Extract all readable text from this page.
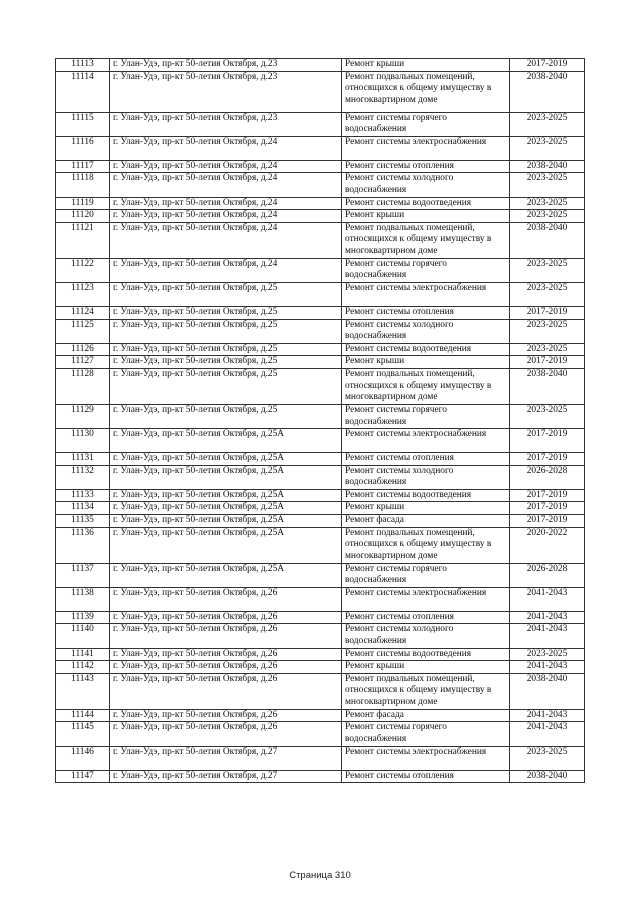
11113	г. Улан-Удэ, пр-кт 50-летия Октября, д.23	Ремонт крыши	2017-2019
11114	г. Улан-Удэ, пр-кт 50-летия Октября, д.23	Ремонт подвальных помещений, относящихся к общему имуществу в многоквартирном доме	2038-2040
11115	г. Улан-Удэ, пр-кт 50-летия Октября, д.23	Ремонт системы горячего водоснабжения	2023-2025
11116	г. Улан-Удэ, пр-кт 50-летия Октября, д.24	Ремонт системы электроснабжения	2023-2025
11117	г. Улан-Удэ, пр-кт 50-летия Октября, д.24	Ремонт системы отопления	2038-2040
11118	г. Улан-Удэ, пр-кт 50-летия Октября, д.24	Ремонт системы холодного водоснабжения	2023-2025
11119	г. Улан-Удэ, пр-кт 50-летия Октября, д.24	Ремонт системы водоотведения	2023-2025
11120	г. Улан-Удэ, пр-кт 50-летия Октября, д.24	Ремонт крыши	2023-2025
11121	г. Улан-Удэ, пр-кт 50-летия Октября, д.24	Ремонт подвальных помещений, относящихся к общему имуществу в многоквартирном доме	2038-2040
11122	г. Улан-Удэ, пр-кт 50-летия Октября, д.24	Ремонт системы горячего водоснабжения	2023-2025
11123	г. Улан-Удэ, пр-кт 50-летия Октября, д.25	Ремонт системы электроснабжения	2023-2025
11124	г. Улан-Удэ, пр-кт 50-летия Октября, д.25	Ремонт системы отопления	2017-2019
11125	г. Улан-Удэ, пр-кт 50-летия Октября, д.25	Ремонт системы холодного водоснабжения	2023-2025
11126	г. Улан-Удэ, пр-кт 50-летия Октября, д.25	Ремонт системы водоотведения	2023-2025
11127	г. Улан-Удэ, пр-кт 50-летия Октября, д.25	Ремонт крыши	2017-2019
11128	г. Улан-Удэ, пр-кт 50-летия Октября, д.25	Ремонт подвальных помещений, относящихся к общему имуществу в многоквартирном доме	2038-2040
11129	г. Улан-Удэ, пр-кт 50-летия Октября, д.25	Ремонт системы горячего водоснабжения	2023-2025
11130	г. Улан-Удэ, пр-кт 50-летия Октября, д.25А	Ремонт системы электроснабжения	2017-2019
11131	г. Улан-Удэ, пр-кт 50-летия Октября, д.25А	Ремонт системы отопления	2017-2019
11132	г. Улан-Удэ, пр-кт 50-летия Октября, д.25А	Ремонт системы холодного водоснабжения	2026-2028
11133	г. Улан-Удэ, пр-кт 50-летия Октября, д.25А	Ремонт системы водоотведения	2017-2019
11134	г. Улан-Удэ, пр-кт 50-летия Октября, д.25А	Ремонт крыши	2017-2019
11135	г. Улан-Удэ, пр-кт 50-летия Октября, д.25А	Ремонт фасада	2017-2019
11136	г. Улан-Удэ, пр-кт 50-летия Октября, д.25А	Ремонт подвальных помещений, относящихся к общему имуществу в многоквартирном доме	2020-2022
11137	г. Улан-Удэ, пр-кт 50-летия Октября, д.25А	Ремонт системы горячего водоснабжения	2026-2028
11138	г. Улан-Удэ, пр-кт 50-летия Октября, д.26	Ремонт системы электроснабжения	2041-2043
11139	г. Улан-Удэ, пр-кт 50-летия Октября, д.26	Ремонт системы отопления	2041-2043
11140	г. Улан-Удэ, пр-кт 50-летия Октября, д.26	Ремонт системы холодного водоснабжения	2041-2043
11141	г. Улан-Удэ, пр-кт 50-летия Октября, д.26	Ремонт системы водоотведения	2023-2025
11142	г. Улан-Удэ, пр-кт 50-летия Октября, д.26	Ремонт крыши	2041-2043
11143	г. Улан-Удэ, пр-кт 50-летия Октября, д.26	Ремонт подвальных помещений, относящихся к общему имуществу в многоквартирном доме	2038-2040
11144	г. Улан-Удэ, пр-кт 50-летия Октября, д.26	Ремонт фасада	2041-2043
11145	г. Улан-Удэ, пр-кт 50-летия Октября, д.26	Ремонт системы горячего водоснабжения	2041-2043
11146	г. Улан-Удэ, пр-кт 50-летия Октября, д.27	Ремонт системы электроснабжения	2023-2025
11147	г. Улан-Удэ, пр-кт 50-летия Октября, д.27	Ремонт системы отопления	2038-2040
Страница 310
